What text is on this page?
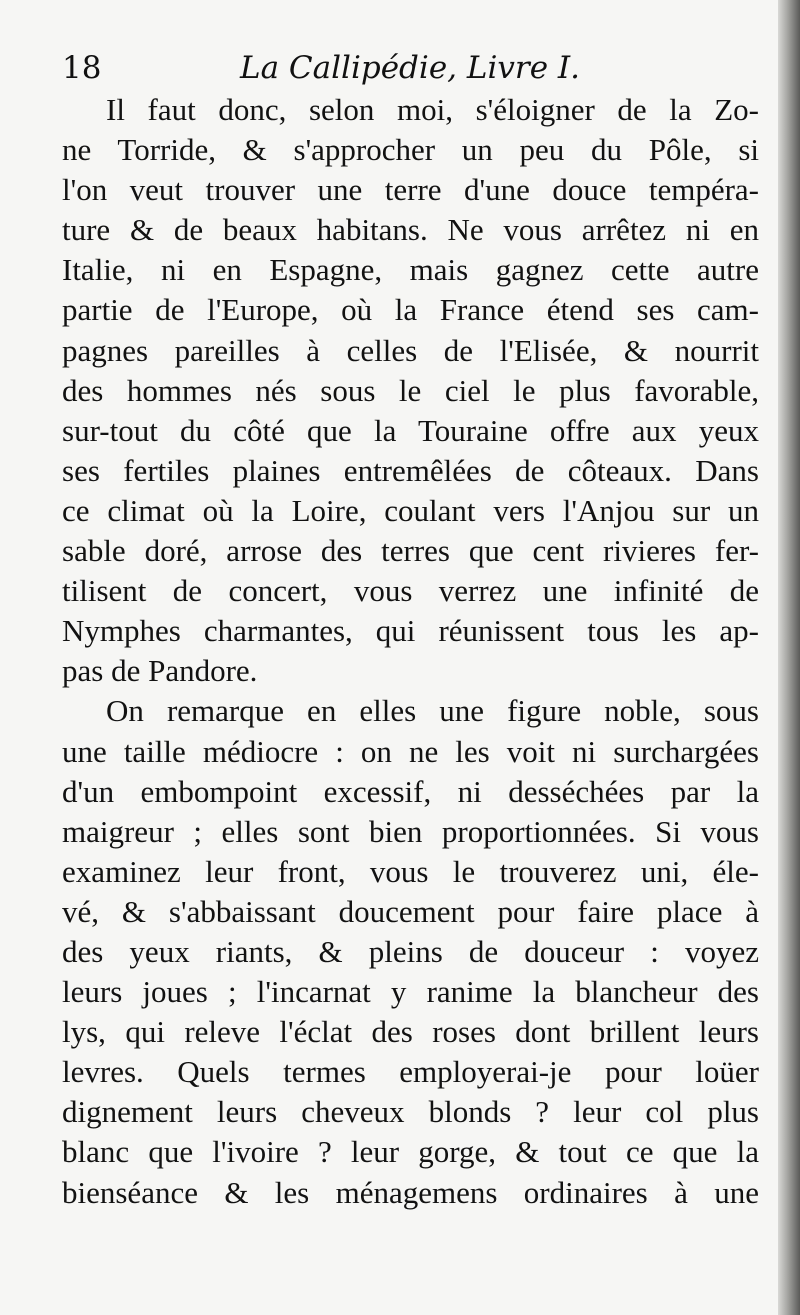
18	La Callipédie, Livre I.
Il faut donc, selon moi, s'éloigner de la Zo-
ne Torride, & s'approcher un peu du Pôle, si
l'on veut trouver une terre d'une douce tempéra-
ture & de beaux habitans. Ne vous arrêtez ni en
Italie, ni en Espagne, mais gagnez cette autre
partie de l'Europe, où la France étend ses cam-
pagnes pareilles à celles de l'Elisée, & nourrit
des hommes nés sous le ciel le plus favorable,
sur-tout du côté que la Touraine offre aux yeux
ses fertiles plaines entremêlées de côteaux. Dans
ce climat où la Loire, coulant vers l'Anjou sur un
sable doré, arrose des terres que cent rivieres fer-
tilisent de concert, vous verrez une infinité de
Nymphes charmantes, qui réunissent tous les ap-
pas de Pandore.
On remarque en elles une figure noble, sous
une taille médiocre : on ne les voit ni surchargées
d'un embompoint excessif, ni desséchées par la
maigreur ; elles sont bien proportionnées. Si vous
examinez leur front, vous le trouverez uni, éle-
vé, & s'abbaissant doucement pour faire place à
des yeux riants, & pleins de douceur : voyez
leurs joues ; l'incarnat y ranime la blancheur des
lys, qui releve l'éclat des roses dont brillent leurs
levres. Quels termes employerai-je pour loüer
dignement leurs cheveux blonds ? leur col plus
blanc que l'ivoire ? leur gorge, & tout ce que la
bienséance & les ménagemens ordinaires à une
